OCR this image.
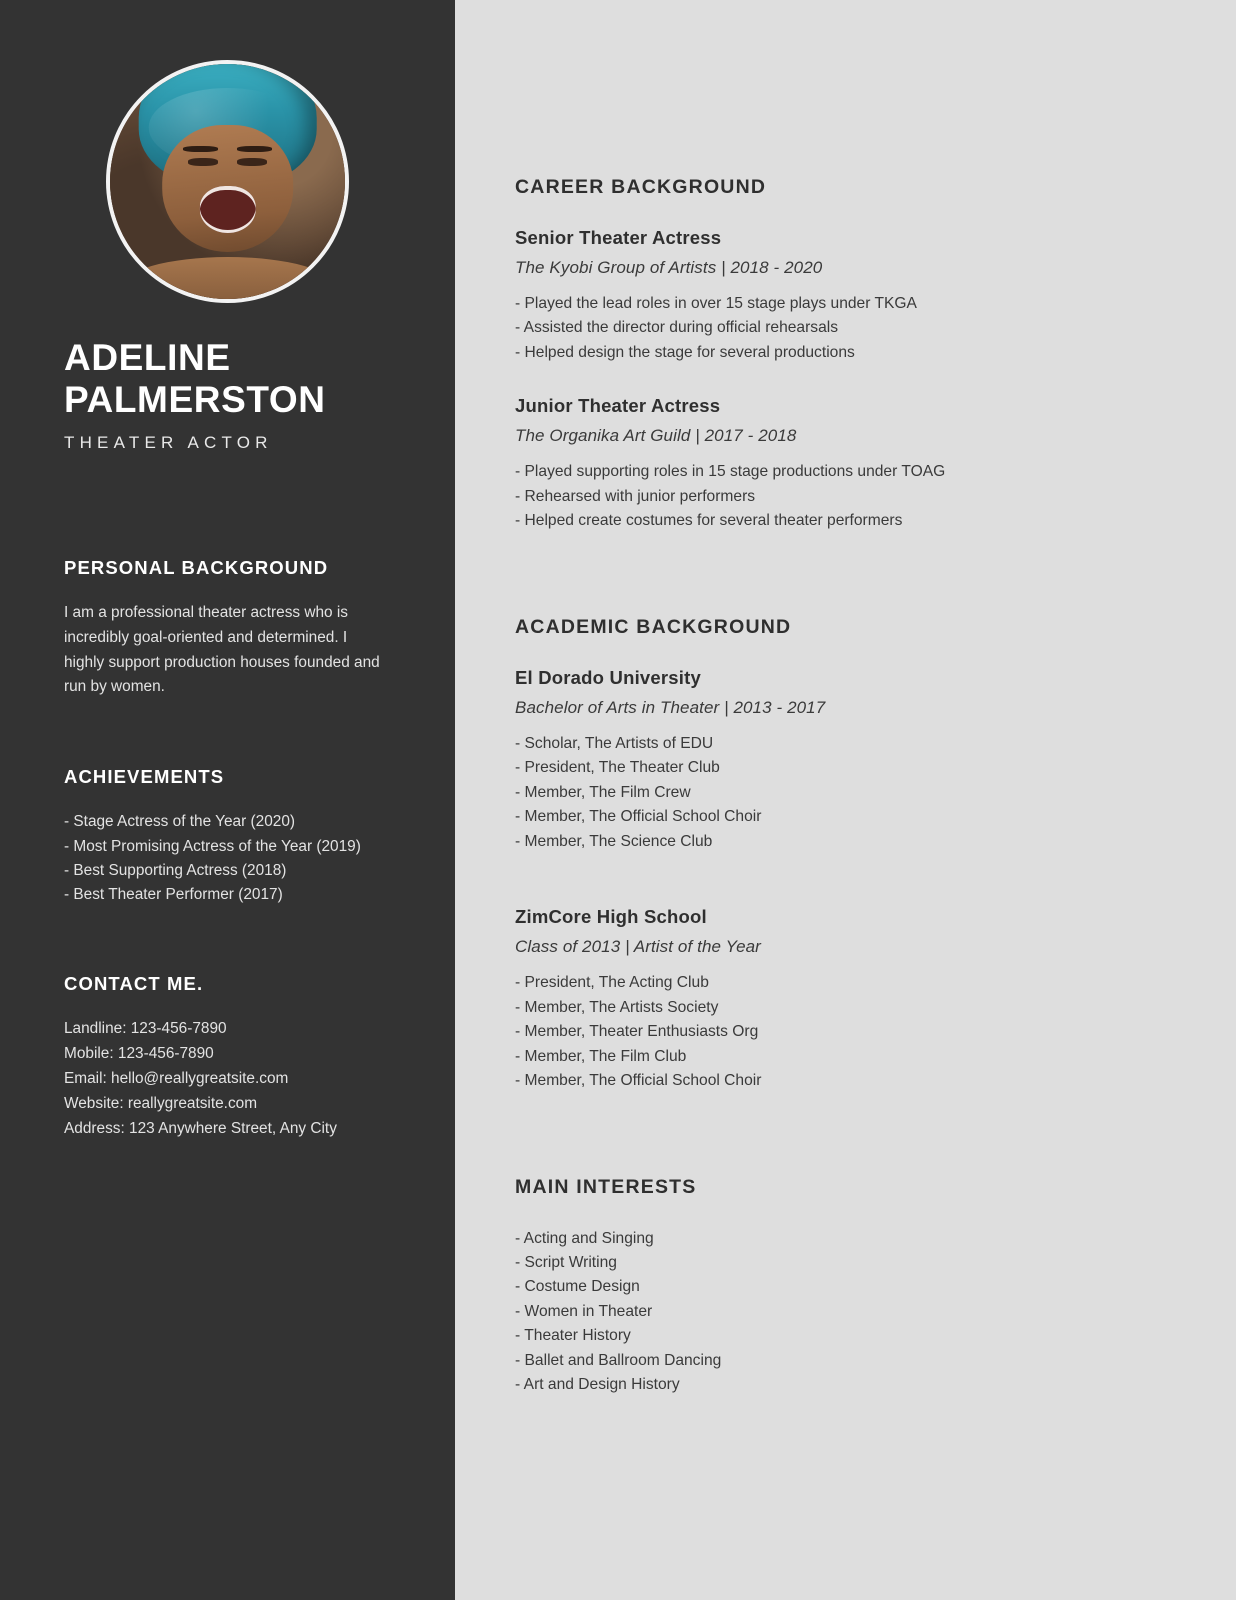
ADELINE
PALMERSTON
THEATER ACTOR
PERSONAL BACKGROUND

I am a professional theater actress who is incredibly goal-oriented and determined. I highly support production houses founded and run by women.

ACHIEVEMENTS
- Stage Actress of the Year (2020)
- Most Promising Actress of the Year (2019)
- Best Supporting Actress (2018)
- Best Theater Performer (2017)
CONTACT ME.
Landline: 123-456-7890
Mobile: 123-456-7890
Email: hello@reallygreatsite.com
Website: reallygreatsite.com
Address: 123 Anywhere Street, Any City
CAREER BACKGROUND
Senior Theater Actress
The Kyobi Group of Artists | 2018 - 2020
- Played the lead roles in over 15 stage plays under TKGA
- Assisted the director during official rehearsals
- Helped design the stage for several productions
Junior Theater Actress
The Organika Art Guild | 2017 - 2018
- Played supporting roles in 15 stage productions under TOAG
- Rehearsed with junior performers
- Helped create costumes for several theater performers
ACADEMIC BACKGROUND
El Dorado University
Bachelor of Arts in Theater | 2013 - 2017
- Scholar, The Artists of EDU
- President, The Theater Club
- Member, The Film Crew
- Member, The Official School Choir
- Member, The Science Club
ZimCore High School
Class of 2013 | Artist of the Year
- President, The Acting Club
- Member, The Artists Society
- Member, Theater Enthusiasts Org
- Member, The Film Club
- Member, The Official School Choir
MAIN INTERESTS
- Acting and Singing
- Script Writing
- Costume Design
- Women in Theater
- Theater History
- Ballet and Ballroom Dancing
- Art and Design History
